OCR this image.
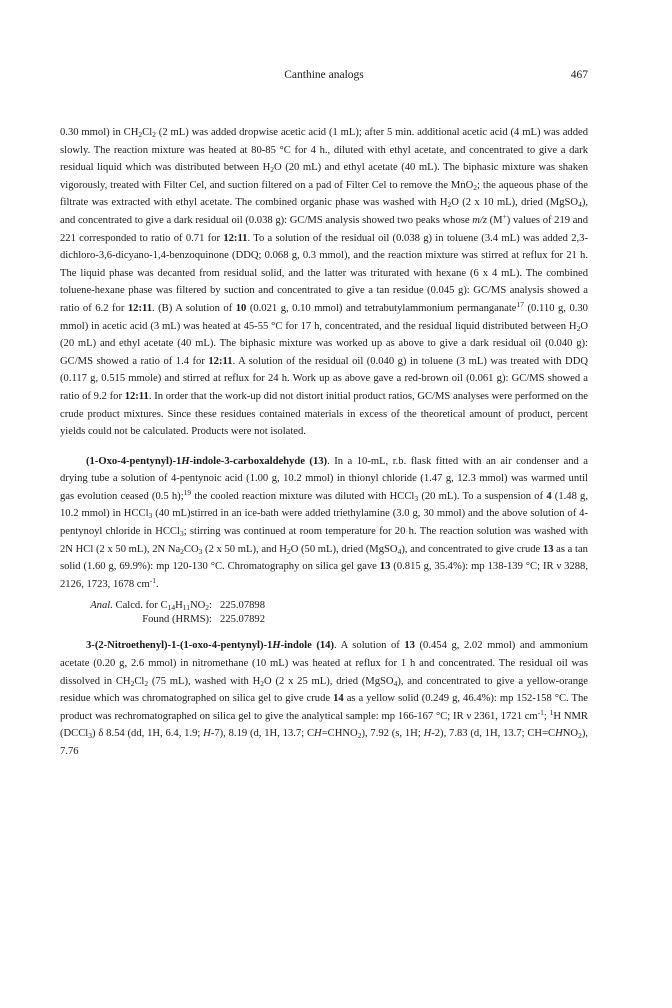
Canthine analogs	467

0.30 mmol) in $CH_2Cl_2$ (2 mL) was added dropwise acetic acid (1 mL); after 5 min. additional acetic acid (4 mL) was added slowly. The reaction mixture was heated at 80-85 °C for 4 h., diluted with ethyl acetate, and concentrated to give a dark residual liquid which was distributed between $H_2O$ (20 mL) and ethyl acetate (40 mL). The biphasic mixture was shaken vigorously, treated with Filter Cel, and suction filtered on a pad of Filter Cel to remove the MnO$_2$; the aqueous phase of the filtrate was extracted with ethyl acetate. The combined organic phase was washed with $H_2O$ (2 x 10 mL), dried (MgSO$_4$), and concentrated to give a dark residual oil (0.038 g): GC/MS analysis showed two peaks whose m/z (M+) values of 219 and 221 corresponded to ratio of 0.71 for 12:11. To a solution of the residual oil (0.038 g) in toluene (3.4 mL) was added 2,3-dichloro-3,6-dicyano-1,4-benzoquinone (DDQ; 0.068 g, 0.3 mmol), and the reaction mixture was stirred at reflux for 21 h. The liquid phase was decanted from residual solid, and the latter was triturated with hexane (6 x 4 mL). The combined toluene-hexane phase was filtered by suction and concentrated to give a tan residue (0.045 g): GC/MS analysis showed a ratio of 6.2 for 12:11. (B) A solution of 10 (0.021 g, 0.10 mmol) and tetrabutylammonium permanganate$^{17}$ (0.110 g, 0.30 mmol) in acetic acid (3 mL) was heated at 45-55 °C for 17 h, concentrated, and the residual liquid distributed between $H_2O$ (20 mL) and ethyl acetate (40 mL). The biphasic mixture was worked up as above to give a dark residual oil (0.040 g): GC/MS showed a ratio of 1.4 for 12:11. A solution of the residual oil (0.040 g) in toluene (3 mL) was treated with DDQ (0.117 g, 0.515 mmole) and stirred at reflux for 24 h. Work up as above gave a red-brown oil (0.061 g): GC/MS showed a ratio of 9.2 for 12:11. In order that the work-up did not distort initial product ratios, GC/MS analyses were performed on the crude product mixtures. Since these residues contained materials in excess of the theoretical amount of product, percent yields could not be calculated. Products were not isolated.

(1-Oxo-4-pentynyl)-1H-indole-3-carboxaldehyde (13). In a 10-mL, r.b. flask fitted with an air condenser and a drying tube a solution of 4-pentynoic acid (1.00 g, 10.2 mmol) in thionyl chloride (1.47 g, 12.3 mmol) was warmed until gas evolution ceased (0.5 h);$^{19}$ the cooled reaction mixture was diluted with HCCl$_3$ (20 mL). To a suspension of 4 (1.48 g, 10.2 mmol) in HCCl$_3$ (40 mL)stirred in an ice-bath were added triethylamine (3.0 g, 30 mmol) and the above solution of 4-pentynoyl chloride in HCCl$_3$; stirring was continued at room temperature for 20 h. The reaction solution was washed with 2N HCl (2 x 50 mL), 2N $Na_2CO_3$ (2 x 50 mL), and $H_2O$ (50 mL), dried (MgSO$_4$), and concentrated to give crude 13 as a tan solid (1.60 g, 69.9%): mp 120-130 °C. Chromatography on silica gel gave 13 (0.815 g, 35.4%): mp 138-139 °C; IR ν 3288, 2126, 1723, 1678 $cm^{-1}$.

Anal. Calcd. for $C_{14}H_{11}NO_2$: 225.07898
Found (HRMS): 225.07892

3-(2-Nitroethenyl)-1-(1-oxo-4-pentynyl)-1H-indole (14). A solution of 13 (0.454 g, 2.02 mmol) and ammonium acetate (0.20 g, 2.6 mmol) in nitromethane (10 mL) was heated at reflux for 1 h and concentrated. The residual oil was dissolved in $CH_2Cl_2$ (75 mL), washed with $H_2O$ (2 x 25 mL), dried (MgSO$_4$), and concentrated to give a yellow-orange residue which was chromatographed on silica gel to give crude 14 as a yellow solid (0.249 g, 46.4%): mp 152-158 °C. The product was rechromatographed on silica gel to give the analytical sample: mp 166-167 °C; IR ν 2361, 1721 $cm^{-1}$; $^1$H NMR (DCCl$_3$) δ 8.54 (dd, 1H, 6.4, 1.9; H-7), 8.19 (d, 1H, 13.7; $CH=CHNO_2$), 7.92 (s, 1H; H-2), 7.83 (d, 1H, 13.7; $CH=CHNO_2$), 7.76
